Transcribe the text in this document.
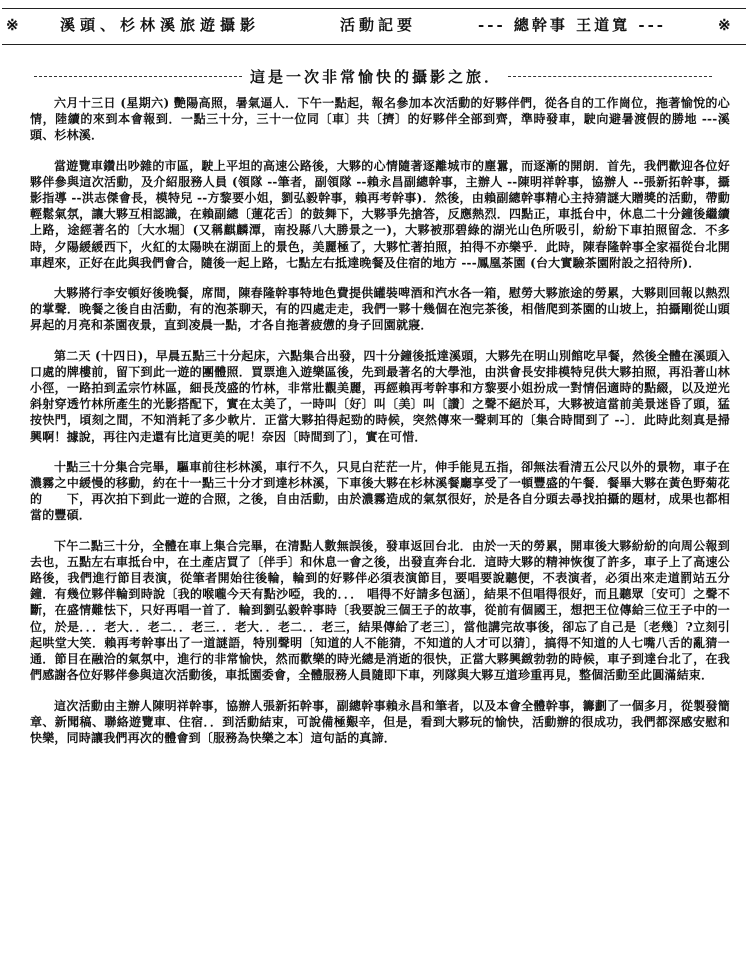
※	溪頭、杉林溪旅遊攝影	活動記要	--- 總幹事 王道寬 ---	※
這是一次非常愉快的攝影之旅．

六月十三日 (星期六) 艷陽高照，暑氣逼人．下午一點起，報名參加本次活動的好夥伴們，從各自的工作崗位，拖著愉悅的心情，陸續的來到本會報到．一點三十分，三十一位同〔車〕共〔擠〕的好夥伴全部到齊，準時發車，駛向避暑渡假的勝地 ---溪頭、杉林溪．

當遊覽車鑽出吵雜的市區，駛上平坦的高速公路後，大夥的心情隨著逐離城市的塵囂，而逐漸的開朗．首先，我們歡迎各位好夥伴參與這次活動，及介紹服務人員 (領隊 --筆者，副領隊 --賴永昌副總幹事，主辦人 --陳明祥幹事，協辦人 --張新拓幹事，攝影指導 --洪志傑會長，模特兒 --方黎要小姐，劉弘毅幹事，賴再考幹事)．然後，由賴副總幹事精心主持猜謎大贈獎的活動，帶動輕鬆氣氛，讓大夥互相認識，在賴副總〔蓮花舌〕的鼓舞下，大夥爭先搶答，反應熱烈．四點正，車抵台中，休息二十分鐘後繼續上路，途經著名的〔大水堀〕(又稱麒麟潭，南投縣八大勝景之一)，大夥被那碧綠的湖光山色所吸引，紛紛下車拍照留念．不多時，夕陽緩緩西下，火紅的太陽映在湖面上的景色，美麗極了，大夥忙著拍照，拍得不亦樂乎．此時，陳春隆幹事全家福從台北開車趕來，正好在此與我們會合，隨後一起上路，七點左右抵達晚餐及住宿的地方 ---鳳凰茶園 (台大實驗茶園附設之招待所)．

大夥將行李安頓好後晚餐，席間，陳春隆幹事特地色費提供罐裝啤酒和汽水各一箱，慰勞大夥旅途的勞累，大夥則回報以熱烈的掌聲．晚餐之後自由活動，有的泡茶聊天，有的四處走走，我們一夥十幾個在泡完茶後，相偕爬到茶園的山坡上，拍攝剛從山頭昇起的月亮和茶園夜景，直到凌晨一點，才各自拖著疲憊的身子回園就寢．

第二天 (十四日)，早晨五點三十分起床，六點集合出發，四十分鐘後抵達溪頭，大夥先在明山別館吃早餐，然後全體在溪頭入口處的牌樓前，留下到此一遊的團體照．買票進入遊樂區後，先到最著名的大學池，由洪會長安排模特兒供大夥拍照，再沿著山林小徑，一路拍到孟宗竹林區，細長茂盛的竹林，非常壯觀美麗，再經賴再考幹事和方黎要小姐扮成一對情侶適時的點綴，以及逆光斜射穿透竹林所產生的光影搭配下，實在太美了，一時叫〔好〕叫〔美〕叫〔讚〕之聲不絕於耳，大夥被這當前美景迷昏了頭，猛按快門，頃刻之間，不知消耗了多少軟片．正當大夥拍得起勁的時候，突然傳來一聲刺耳的〔集合時間到了 --〕．此時此刻真是掃興啊！據說，再往內走還有比這更美的呢！奈因〔時間到了〕，實在可惜．

十點三十分集合完畢，驅車前往杉林溪，車行不久，只見白茫茫一片，伸手能見五指，卻無法看清五公尺以外的景物，車子在濃霧之中緩慢的移動，約在十一點三十分才到達杉林溪，下車後大夥在杉林溪餐廳享受了一頓豐盛的午餐．餐畢大夥在黃色野菊花的　　下，再次拍下到此一遊的合照，之後，自由活動，由於濃霧造成的氣氛很好，於是各自分頭去尋找拍攝的題材，成果也都相當的豐碩．

下午二點三十分，全體在車上集合完畢，在清點人數無誤後，發車返回台北．由於一天的勞累，開車後大夥紛紛的向周公報到去也，五點左右車抵台中，在土產店買了〔伴手〕和休息一會之後，出發直奔台北．這時大夥的精神恢復了許多，車子上了高速公路後，我們進行節目表演，從筆者開始往後輪，輪到的好夥伴必須表演節目，要唱要說聽便，不表演者，必須出來走道罰站五分鐘．有幾位夥伴輪到時說〔我的喉嚨今天有點沙啞，我的．．． 唱得不好請多包涵〕，結果不但唱得很好，而且聽眾〔安可〕之聲不斷，在盛情難怯下，只好再唱一首了．輪到劉弘毅幹事時〔我要說三個王子的故事，從前有個國王，想把王位傳給三位王子中的一位，於是．．．老大．．老二．．老三．．老大．．老二．．老三，結果傳給了老三〕，當他講完故事後，卻忘了自己是〔老幾〕?立刻引起哄堂大笑．賴再考幹事出了一道謎語，特別聲明〔知道的人不能猜，不知道的人才可以猜〕，搞得不知道的人七嘴八舌的亂猜一通．節目在融洽的氣氛中，進行的非常愉快，然而歡樂的時光總是消逝的很快，正當大夥興緻勃勃的時候，車子到達台北了，在我們感謝各位好夥伴參與這次活動後，車抵園委會，全體服務人員隨即下車，列隊與大夥互道珍重再見，整個活動至此圓滿結束．

這次活動由主辦人陳明祥幹事，協辦人張新拓幹事，副總幹事賴永昌和筆者，以及本會全體幹事，籌劃了一個多月，從製發簡章、新聞稿、聯絡遊覽車、住宿．．到活動結束，可說備極艱辛，但是，看到大夥玩的愉快，活動辦的很成功，我們都深感安慰和快樂，同時讓我們再次的體會到〔服務為快樂之本〕這句話的真諦．
